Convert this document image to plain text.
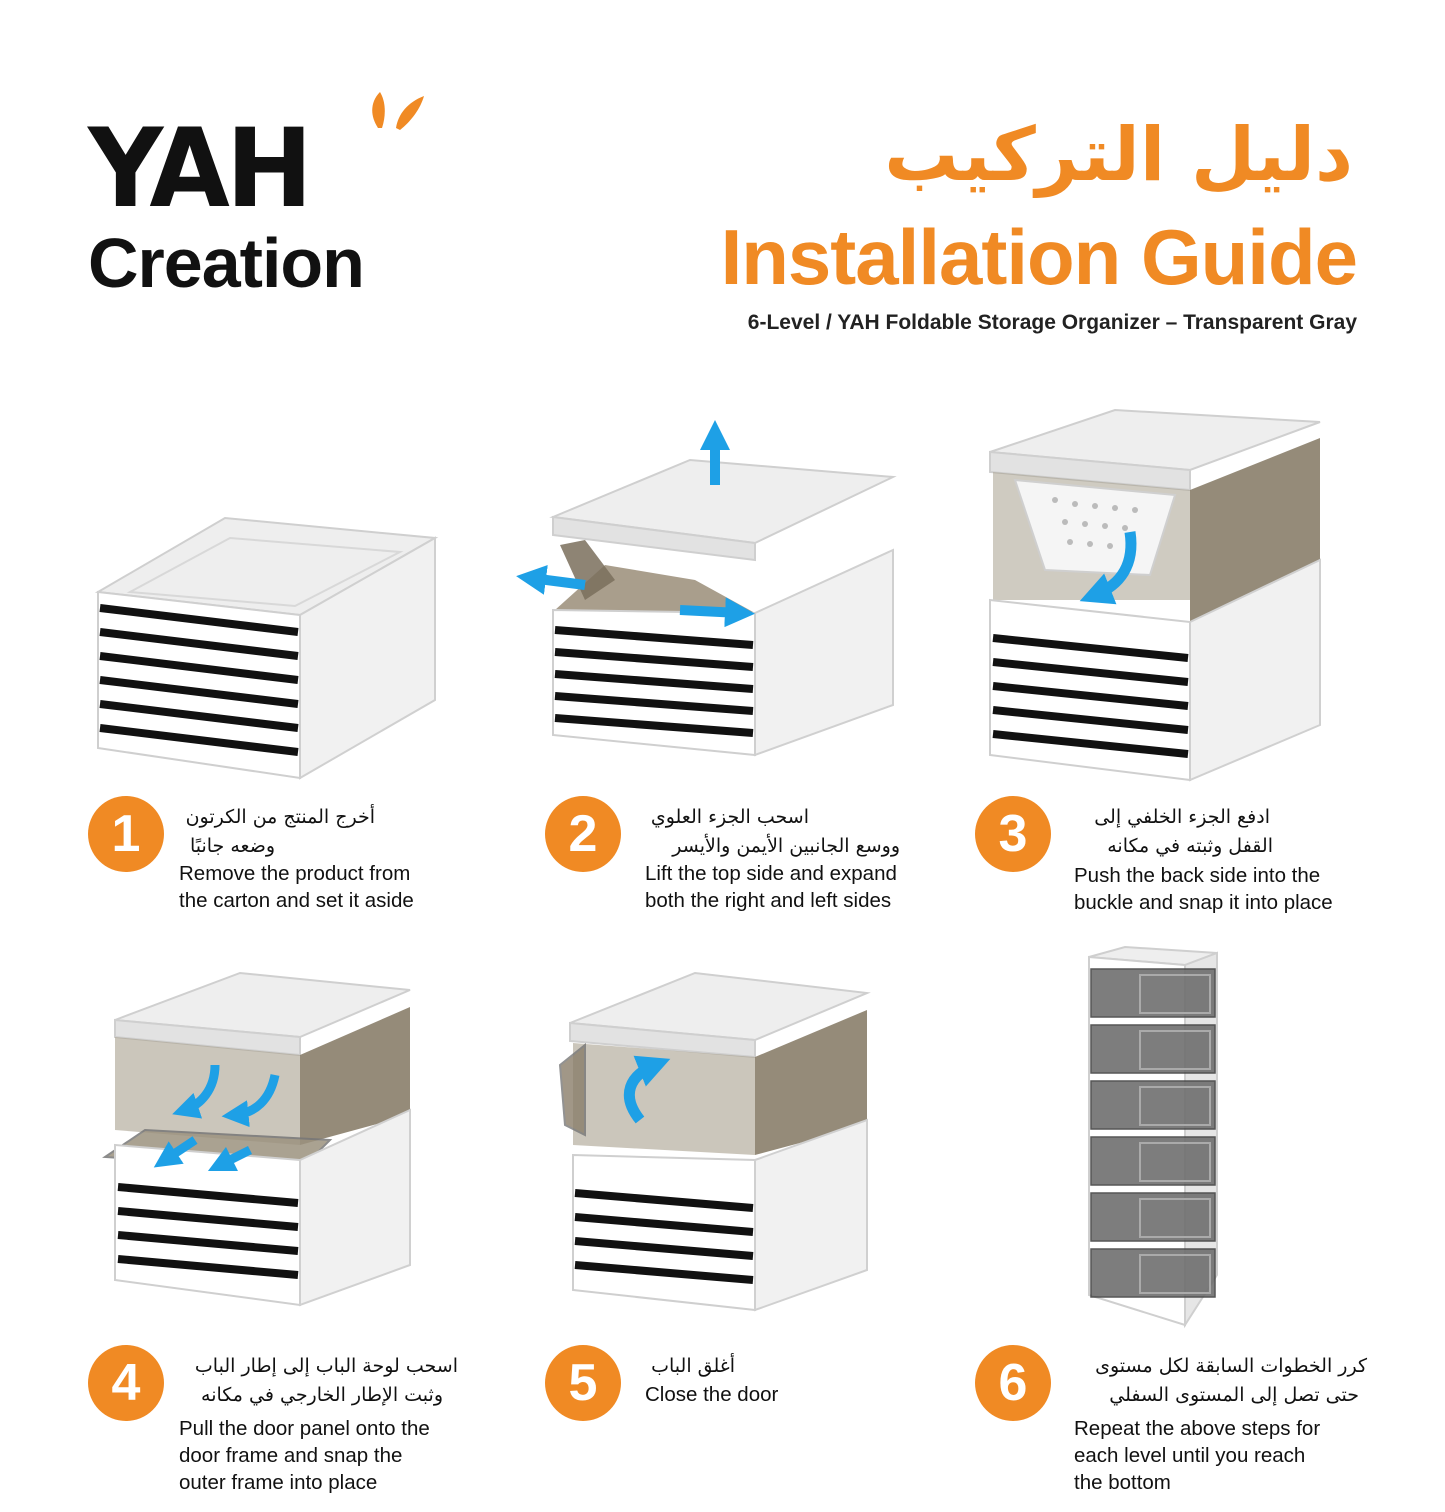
YAH
Creation
دليل التركيب
Installation Guide
6-Level / YAH Foldable Storage Organizer – Transparent Gray
1	أخرج المنتج من الكرتون
وضعه جانبًا
Remove the product from
the carton and set it aside
2	اسحب الجزء العلوي
ووسع الجانبين الأيمن والأيسر
Lift the top side and expand
both the right and left sides
3	ادفع الجزء الخلفي إلى
القفل وثبته في مكانه
Push the back side into the
buckle and snap it into place
4	اسحب لوحة الباب إلى إطار الباب
وثبت الإطار الخارجي في مكانه
Pull the door panel onto the
door frame and snap the
outer frame into place
5	أغلق الباب
Close the door	6	كرر الخطوات السابقة لكل مستوى
حتى تصل إلى المستوى السفلي
Repeat the above steps for
each level until you reach
the bottom
